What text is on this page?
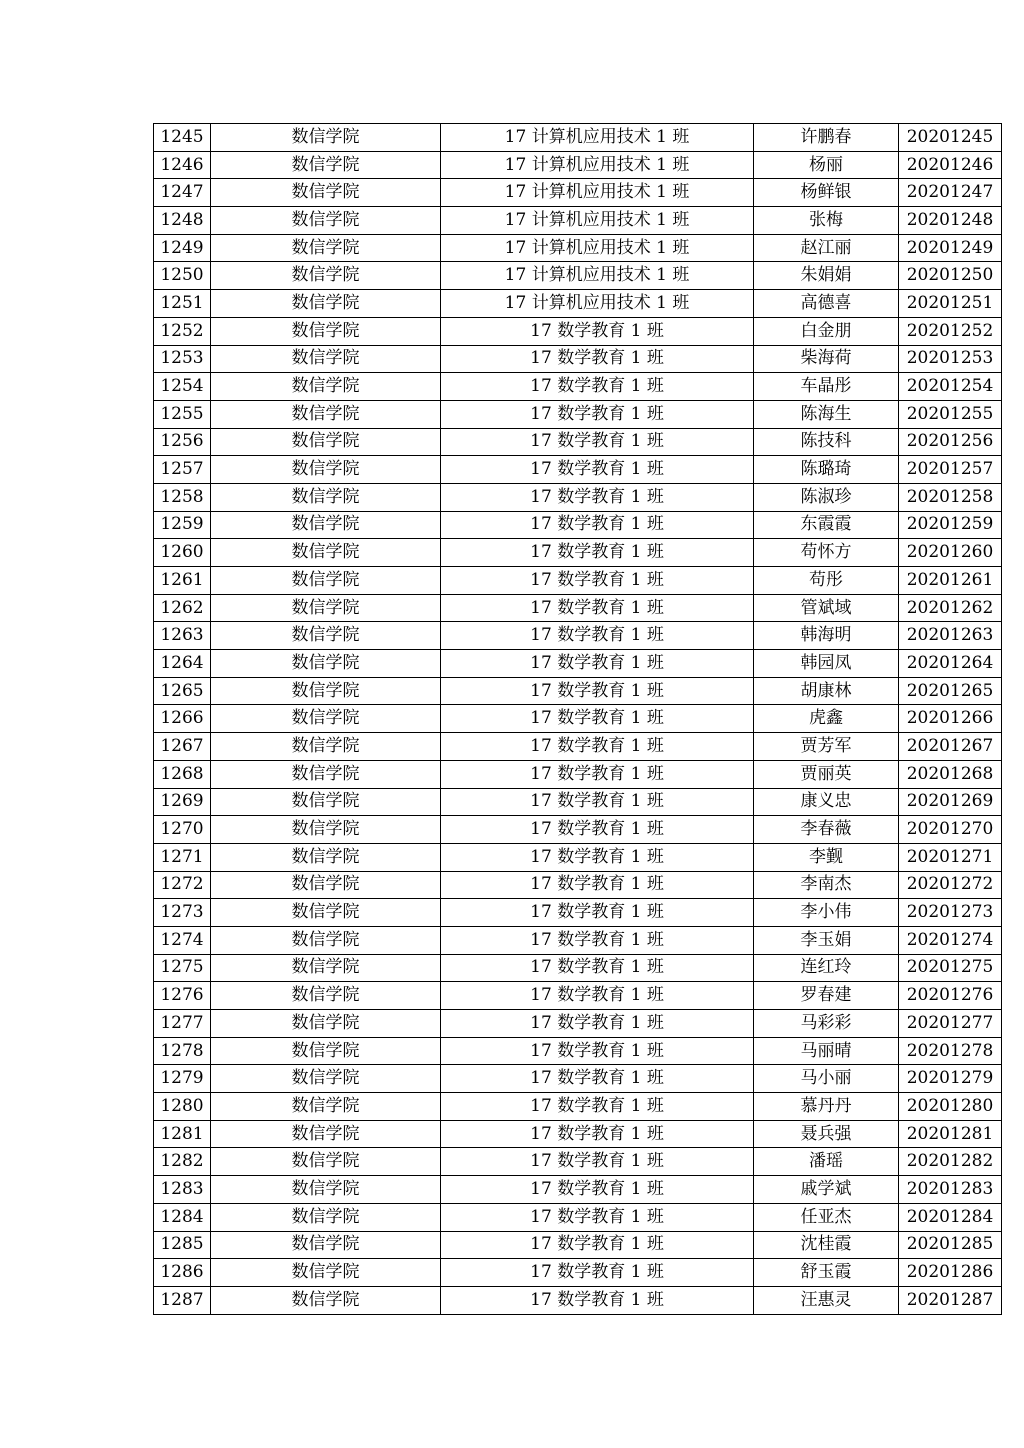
1245	数信学院	17 计算机应用技术 1 班	许鹏春	20201245
1246	数信学院	17 计算机应用技术 1 班	杨丽	20201246
1247	数信学院	17 计算机应用技术 1 班	杨鲜银	20201247
1248	数信学院	17 计算机应用技术 1 班	张梅	20201248
1249	数信学院	17 计算机应用技术 1 班	赵江丽	20201249
1250	数信学院	17 计算机应用技术 1 班	朱娟娟	20201250
1251	数信学院	17 计算机应用技术 1 班	高德喜	20201251
1252	数信学院	17 数学教育 1 班	白金朋	20201252
1253	数信学院	17 数学教育 1 班	柴海荷	20201253
1254	数信学院	17 数学教育 1 班	车晶彤	20201254
1255	数信学院	17 数学教育 1 班	陈海生	20201255
1256	数信学院	17 数学教育 1 班	陈技科	20201256
1257	数信学院	17 数学教育 1 班	陈璐琦	20201257
1258	数信学院	17 数学教育 1 班	陈淑珍	20201258
1259	数信学院	17 数学教育 1 班	东霞霞	20201259
1260	数信学院	17 数学教育 1 班	苟怀方	20201260
1261	数信学院	17 数学教育 1 班	苟彤	20201261
1262	数信学院	17 数学教育 1 班	管斌域	20201262
1263	数信学院	17 数学教育 1 班	韩海明	20201263
1264	数信学院	17 数学教育 1 班	韩园凤	20201264
1265	数信学院	17 数学教育 1 班	胡康林	20201265
1266	数信学院	17 数学教育 1 班	虎鑫	20201266
1267	数信学院	17 数学教育 1 班	贾芳军	20201267
1268	数信学院	17 数学教育 1 班	贾丽英	20201268
1269	数信学院	17 数学教育 1 班	康义忠	20201269
1270	数信学院	17 数学教育 1 班	李春薇	20201270
1271	数信学院	17 数学教育 1 班	李觐	20201271
1272	数信学院	17 数学教育 1 班	李南杰	20201272
1273	数信学院	17 数学教育 1 班	李小伟	20201273
1274	数信学院	17 数学教育 1 班	李玉娟	20201274
1275	数信学院	17 数学教育 1 班	连红玲	20201275
1276	数信学院	17 数学教育 1 班	罗春建	20201276
1277	数信学院	17 数学教育 1 班	马彩彩	20201277
1278	数信学院	17 数学教育 1 班	马丽晴	20201278
1279	数信学院	17 数学教育 1 班	马小丽	20201279
1280	数信学院	17 数学教育 1 班	慕丹丹	20201280
1281	数信学院	17 数学教育 1 班	聂兵强	20201281
1282	数信学院	17 数学教育 1 班	潘瑶	20201282
1283	数信学院	17 数学教育 1 班	戚学斌	20201283
1284	数信学院	17 数学教育 1 班	任亚杰	20201284
1285	数信学院	17 数学教育 1 班	沈桂霞	20201285
1286	数信学院	17 数学教育 1 班	舒玉霞	20201286
1287	数信学院	17 数学教育 1 班	汪惠灵	20201287
